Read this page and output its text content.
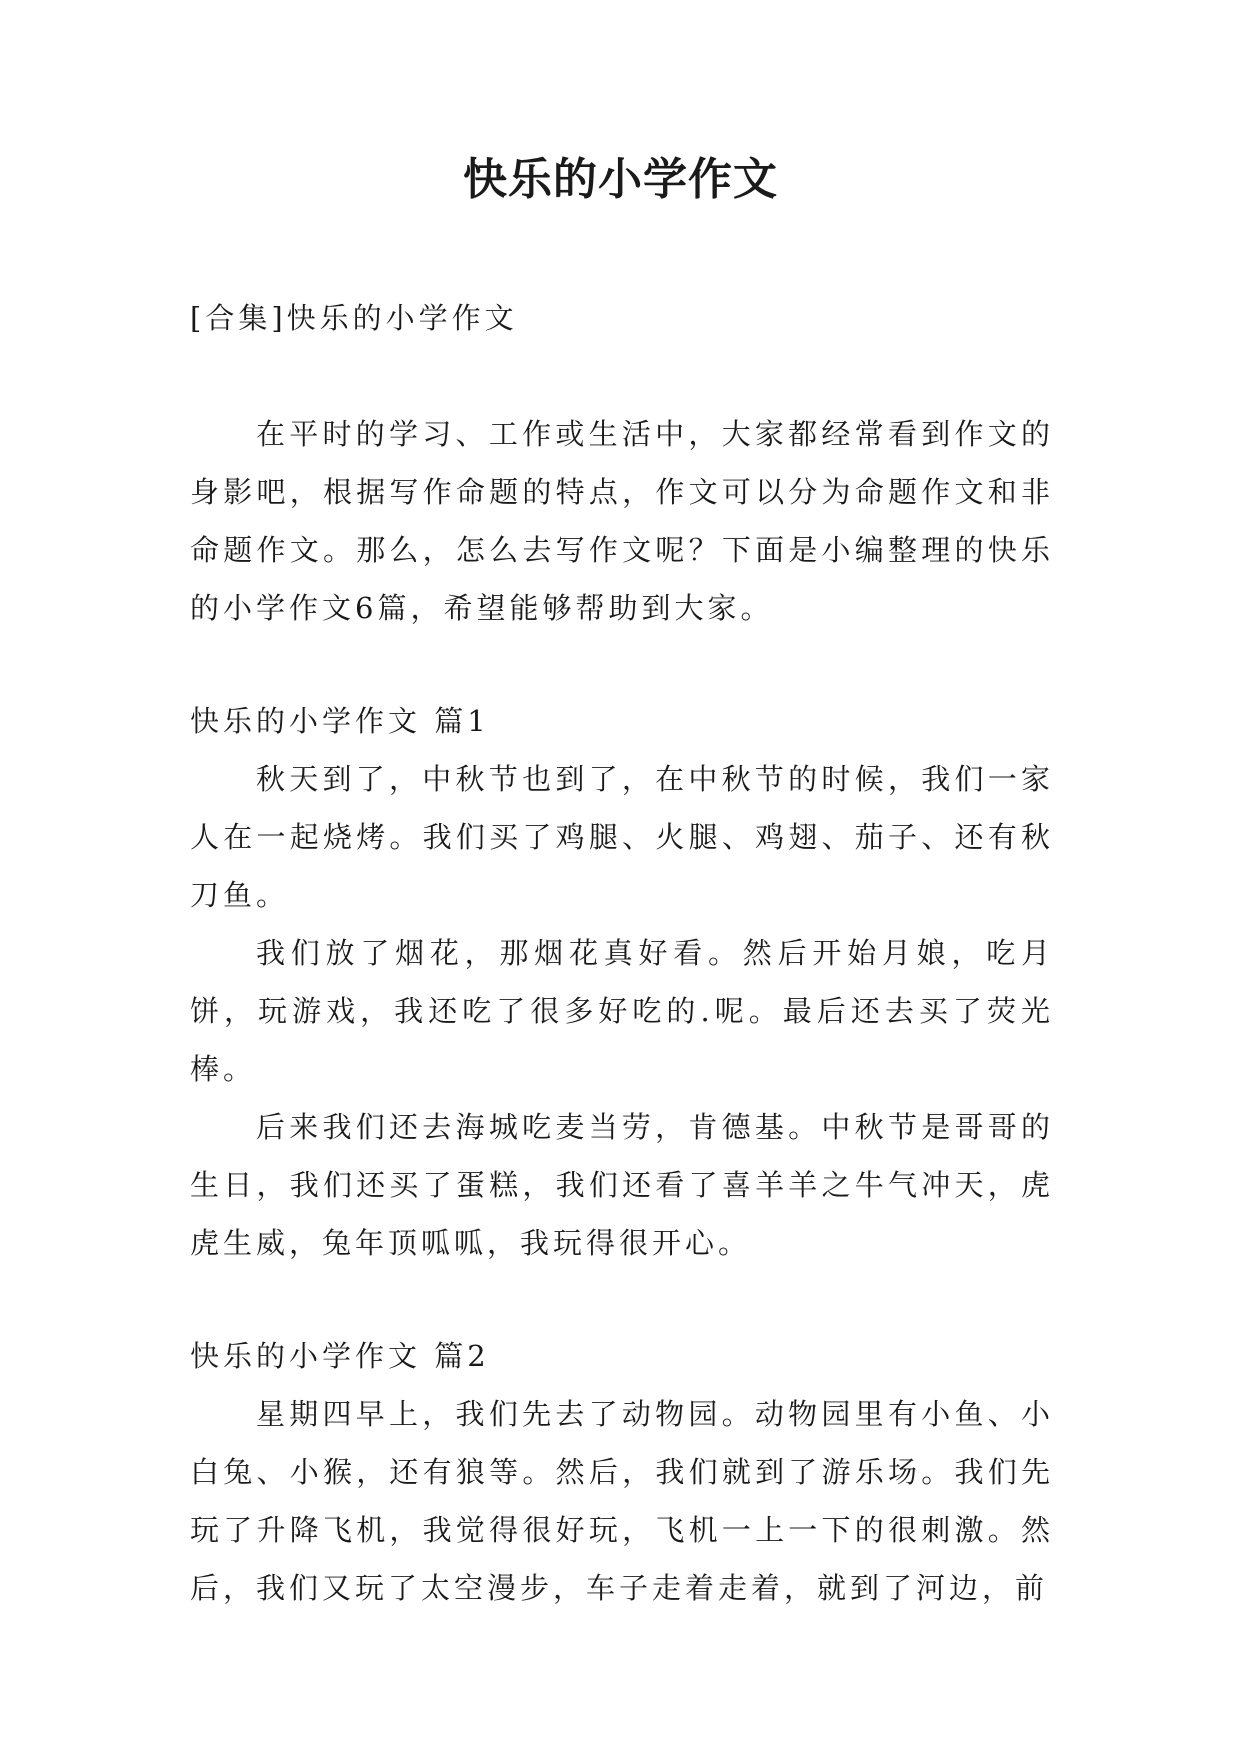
快乐的小学作文
[合集]快乐的小学作文

在平时的学习、工作或生活中，大家都经常看到作文的身影吧，根据写作命题的特点，作文可以分为命题作文和非命题作文。那么，怎么去写作文呢？下面是小编整理的快乐的小学作文6篇，希望能够帮助到大家。

快乐的小学作文 篇1

秋天到了，中秋节也到了，在中秋节的时候，我们一家人在一起烧烤。我们买了鸡腿、火腿、鸡翅、茄子、还有秋刀鱼。

我们放了烟花，那烟花真好看。然后开始月娘，吃月饼，玩游戏，我还吃了很多好吃的.呢。最后还去买了荧光棒。

后来我们还去海城吃麦当劳，肯德基。中秋节是哥哥的生日，我们还买了蛋糕，我们还看了喜羊羊之牛气冲天，虎虎生威，兔年顶呱呱，我玩得很开心。

快乐的小学作文 篇2

星期四早上，我们先去了动物园。动物园里有小鱼、小白兔、小猴，还有狼等。然后，我们就到了游乐场。我们先玩了升降飞机，我觉得很好玩，飞机一上一下的很刺激。然后，我们又玩了太空漫步，车子走着走着，就到了河边，前
